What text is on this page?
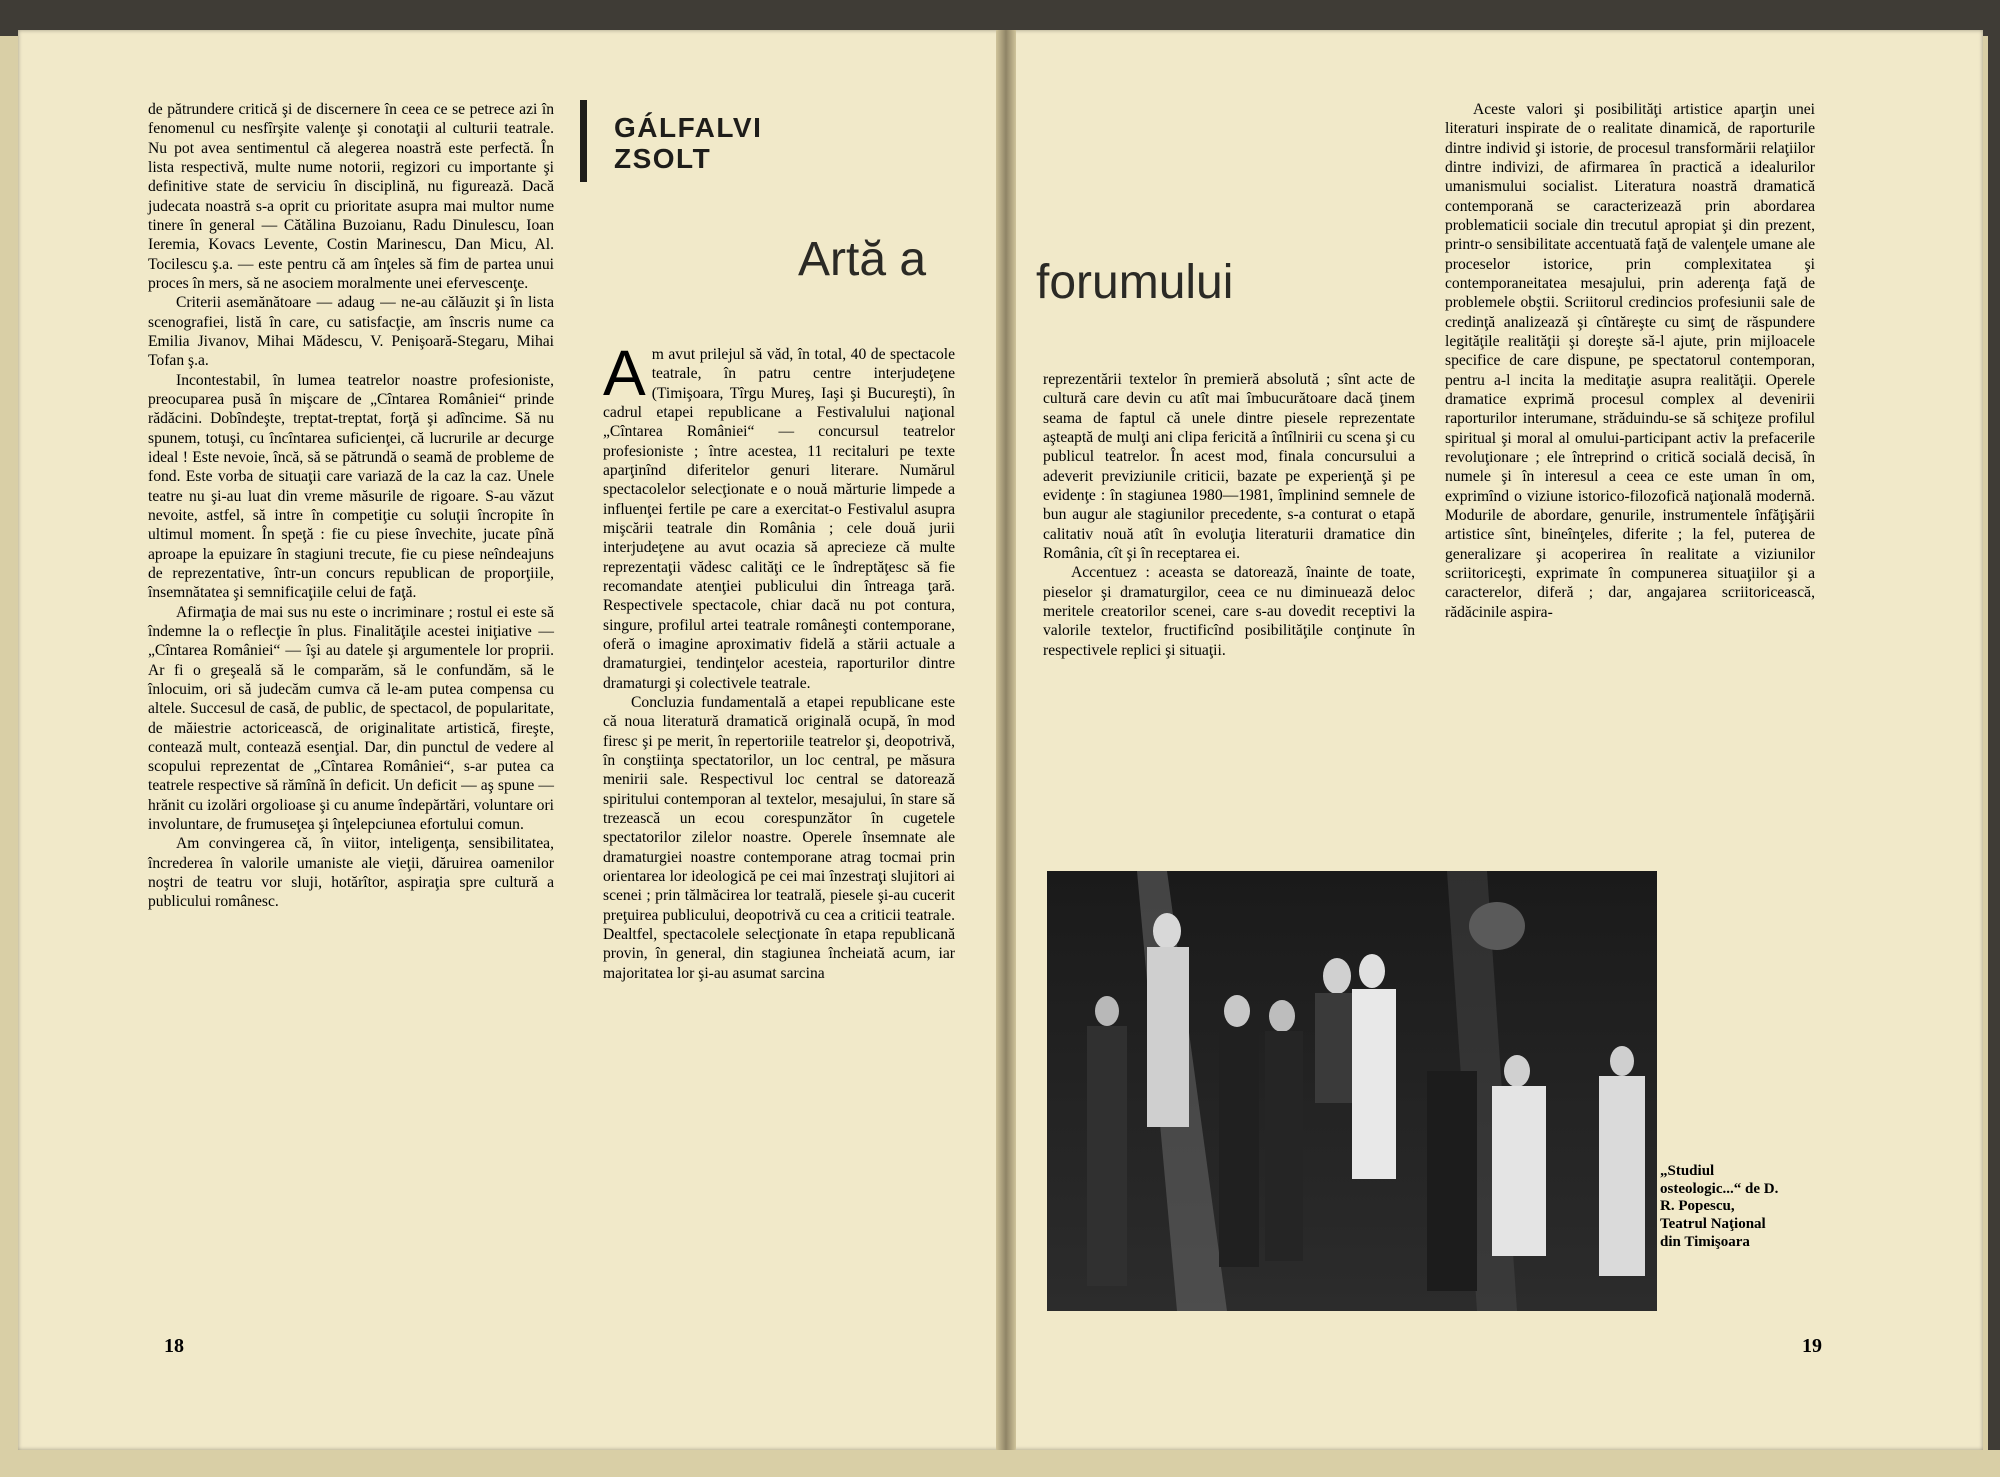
de pătrundere critică şi de discernere în ceea ce se petrece azi în fenomenul cu nesfîrşite valenţe şi conotaţii al culturii teatrale. Nu pot avea sentimentul că alegerea noastră este perfectă. În lista respectivă, multe nume notorii, regizori cu importante şi definitive state de serviciu în disciplină, nu figurează. Dacă judecata noastră s-a oprit cu prioritate asupra mai multor nume tinere în general — Cătălina Buzoianu, Radu Dinulescu, Ioan Ieremia, Kovacs Levente, Costin Marinescu, Dan Micu, Al. Tocilescu ş.a. — este pentru că am înţeles să fim de partea unui proces în mers, să ne asociem moralmente unei efervescenţe.

Criterii asemănătoare — adaug — ne-au călăuzit şi în lista scenografiei, listă în care, cu satisfacţie, am înscris nume ca Emilia Jivanov, Mihai Mădescu, V. Penişoară-Stegaru, Mihai Tofan ş.a.

Incontestabil, în lumea teatrelor noastre profesioniste, preocuparea pusă în mişcare de „Cîntarea României“ prinde rădăcini. Dobîndeşte, treptat-treptat, forţă şi adîncime. Să nu spunem, totuşi, cu încîntarea suficienţei, că lucrurile ar decurge ideal ! Este nevoie, încă, să se pătrundă o seamă de probleme de fond. Este vorba de situaţii care variază de la caz la caz. Unele teatre nu şi-au luat din vreme măsurile de rigoare. S-au văzut nevoite, astfel, să intre în competiţie cu soluţii încropite în ultimul moment. În speţă : fie cu piese învechite, jucate pînă aproape la epuizare în stagiuni trecute, fie cu piese neîndeajuns de reprezentative, într-un concurs republican de proporţiile, însemnătatea şi semnificaţiile celui de faţă.

Afirmaţia de mai sus nu este o incriminare ; rostul ei este să îndemne la o reflecţie în plus. Finalităţile acestei iniţiative — „Cîntarea României“ — îşi au datele şi argumentele lor proprii. Ar fi o greşeală să le comparăm, să le confundăm, să le înlocuim, ori să judecăm cumva că le-am putea compensa cu altele. Succesul de casă, de public, de spectacol, de popularitate, de măiestrie actoricească, de originalitate artistică, fireşte, contează mult, contează esenţial. Dar, din punctul de vedere al scopului reprezentat de „Cîntarea României“, s-ar putea ca teatrele respective să rămînă în deficit. Un deficit — aş spune — hrănit cu izolări orgolioase şi cu anume îndepărtări, voluntare ori involuntare, de frumuseţea şi înţelepciunea efortului comun.

Am convingerea că, în viitor, inteligenţa, sensibilitatea, încrederea în valorile umaniste ale vieţii, dăruirea oamenilor noştri de teatru vor sluji, hotărîtor, aspiraţia spre cultură a publicului românesc.

GÁLFALVI
ZSOLT
Artă a forumului
A m avut prilejul să văd, în total, 40 de spectacole teatrale, în patru centre interjudeţene (Timişoara, Tîrgu Mureş, Iaşi şi Bucureşti), în cadrul etapei republicane a Festivalului naţional „Cîntarea României“ — concursul teatrelor profesioniste ; între acestea, 11 recitaluri pe texte aparţinînd diferitelor genuri literare. Numărul spectacolelor selecţionate e o nouă mărturie limpede a influenţei fertile pe care a exercitat-o Festivalul asupra mişcării teatrale din România ; cele două jurii interjudeţene au avut ocazia să aprecieze că multe reprezentaţii vădesc calităţi ce le îndreptăţesc să fie recomandate atenţiei publicului din întreaga ţară. Respectivele spectacole, chiar dacă nu pot contura, singure, profilul artei teatrale româneşti contemporane, oferă o imagine aproximativ fidelă a stării actuale a dramaturgiei, tendinţelor acesteia, raporturilor dintre dramaturgi şi colectivele teatrale.

Concluzia fundamentală a etapei republicane este că noua literatură dramatică originală ocupă, în mod firesc şi pe merit, în repertoriile teatrelor şi, deopotrivă, în conştiinţa spectatorilor, un loc central, pe măsura menirii sale. Respectivul loc central se datorează spiritului contemporan al textelor, mesajului, în stare să trezească un ecou corespunzător în cugetele spectatorilor zilelor noastre. Operele însemnate ale dramaturgiei noastre contemporane atrag tocmai prin orientarea lor ideologică pe cei mai înzestraţi slujitori ai scenei ; prin tălmăcirea lor teatrală, piesele şi-au cucerit preţuirea publicului, deopotrivă cu cea a criticii teatrale. Dealtfel, spectacolele selecţionate în etapa republicană provin, în general, din stagiunea încheiată acum, iar majoritatea lor şi-au asumat sarcina

reprezentării textelor în premieră absolută ; sînt acte de cultură care devin cu atît mai îmbucurătoare dacă ţinem seama de faptul că unele dintre piesele reprezentate aşteaptă de mulţi ani clipa fericită a întîlnirii cu scena şi cu publicul teatrelor. În acest mod, finala concursului a adeverit previziunile criticii, bazate pe experienţă şi pe evidenţe : în stagiunea 1980—1981, împlinind semnele de bun augur ale stagiunilor precedente, s-a conturat o etapă calitativ nouă atît în evoluţia literaturii dramatice din România, cît şi în receptarea ei.

Accentuez : aceasta se datorează, înainte de toate, pieselor şi dramaturgilor, ceea ce nu diminuează deloc meritele creatorilor scenei, care s-au dovedit receptivi la valorile textelor, fructificînd posibilităţile conţinute în respectivele replici şi situaţii.

Aceste valori şi posibilităţi artistice aparţin unei literaturi inspirate de o realitate dinamică, de raporturile dintre individ şi istorie, de procesul transformării relaţiilor dintre indivizi, de afirmarea în practică a idealurilor umanismului socialist. Literatura noastră dramatică contemporană se caracterizează prin abordarea problematicii sociale din trecutul apropiat şi din prezent, printr-o sensibilitate accentuată faţă de valenţele umane ale proceselor istorice, prin complexitatea şi contemporaneitatea mesajului, prin aderenţa faţă de problemele obştii. Scriitorul credincios profesiunii sale de credinţă analizează şi cîntăreşte cu simţ de răspundere legităţile realităţii şi doreşte să-l ajute, prin mijloacele specifice de care dispune, pe spectatorul contemporan, pentru a-l incita la meditaţie asupra realităţii. Operele dramatice exprimă procesul complex al devenirii raporturilor interumane, străduindu-se să schiţeze profilul spiritual şi moral al omului-participant activ la prefacerile revoluţionare ; ele întreprind o critică socială decisă, în numele şi în interesul a ceea ce este uman în om, exprimînd o viziune istorico-filozofică naţională modernă. Modurile de abordare, genurile, instrumentele înfăţişării artistice sînt, bineînţeles, diferite ; la fel, puterea de generalizare şi acoperirea în realitate a viziunilor scriitoriceşti, exprimate în compunerea situaţiilor şi a caracterelor, diferă ; dar, angajarea scriitoricească, rădăcinile aspira-

„Studiul osteologic...“ de D. R. Popescu, Teatrul Naţional din Timişoara
18	19
